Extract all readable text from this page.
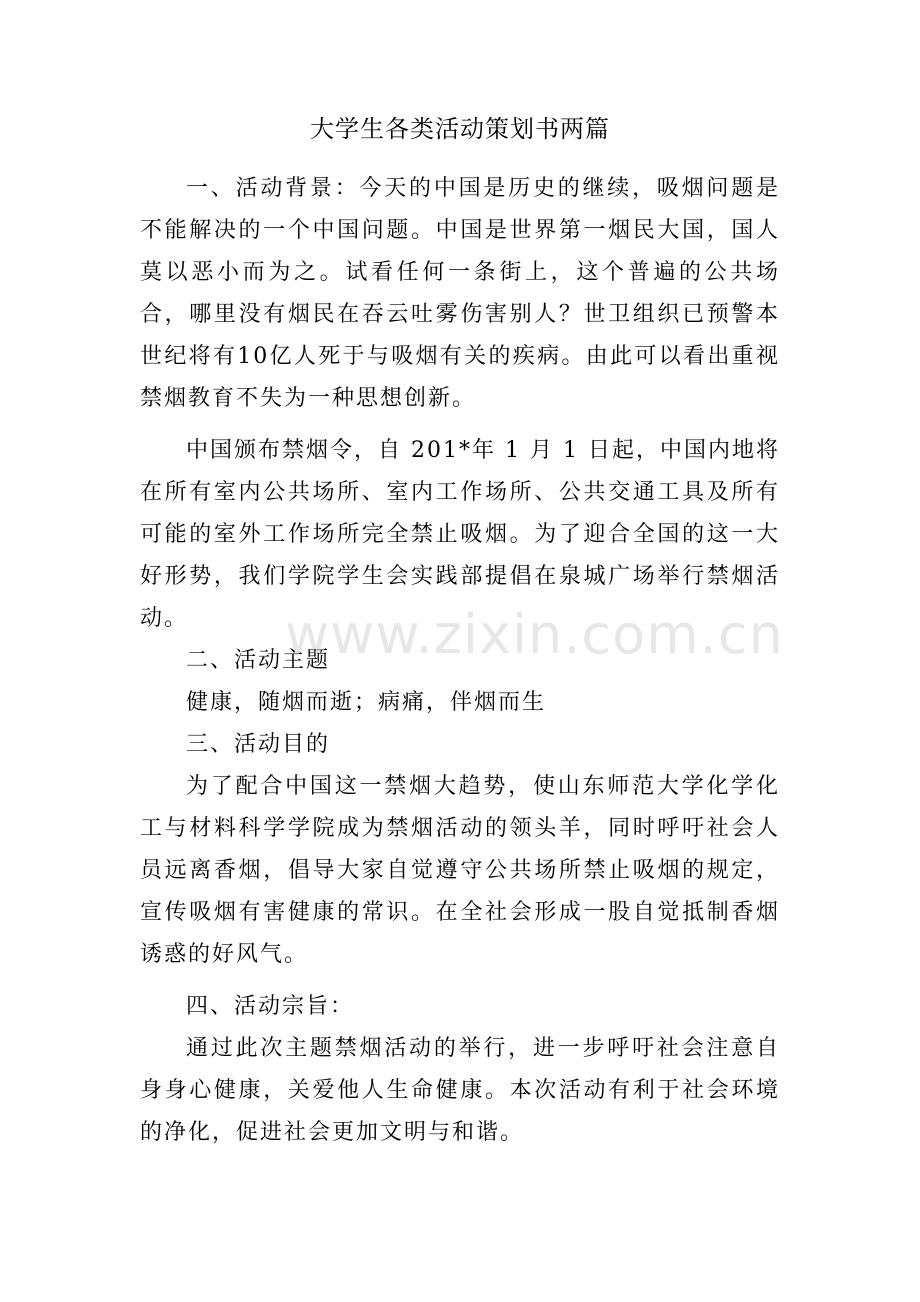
大学生各类活动策划书两篇

一、活动背景：今天的中国是历史的继续，吸烟问题是不能解决的一个中国问题。中国是世界第一烟民大国，国人莫以恶小而为之。试看任何一条街上，这个普遍的公共场合，哪里没有烟民在吞云吐雾伤害别人？世卫组织已预警本世纪将有10亿人死于与吸烟有关的疾病。由此可以看出重视禁烟教育不失为一种思想创新。

中国颁布禁烟令，自 201*年 1 月 1 日起，中国内地将在所有室内公共场所、室内工作场所、公共交通工具及所有可能的室外工作场所完全禁止吸烟。为了迎合全国的这一大好形势，我们学院学生会实践部提倡在泉城广场举行禁烟活动。

二、活动主题

健康，随烟而逝；病痛，伴烟而生

三、活动目的

为了配合中国这一禁烟大趋势，使山东师范大学化学化工与材料科学学院成为禁烟活动的领头羊，同时呼吁社会人员远离香烟，倡导大家自觉遵守公共场所禁止吸烟的规定，宣传吸烟有害健康的常识。在全社会形成一股自觉抵制香烟诱惑的好风气。

四、活动宗旨：

通过此次主题禁烟活动的举行，进一步呼吁社会注意自身身心健康，关爱他人生命健康。本次活动有利于社会环境的净化，促进社会更加文明与和谐。

www.zixin.com.cn
